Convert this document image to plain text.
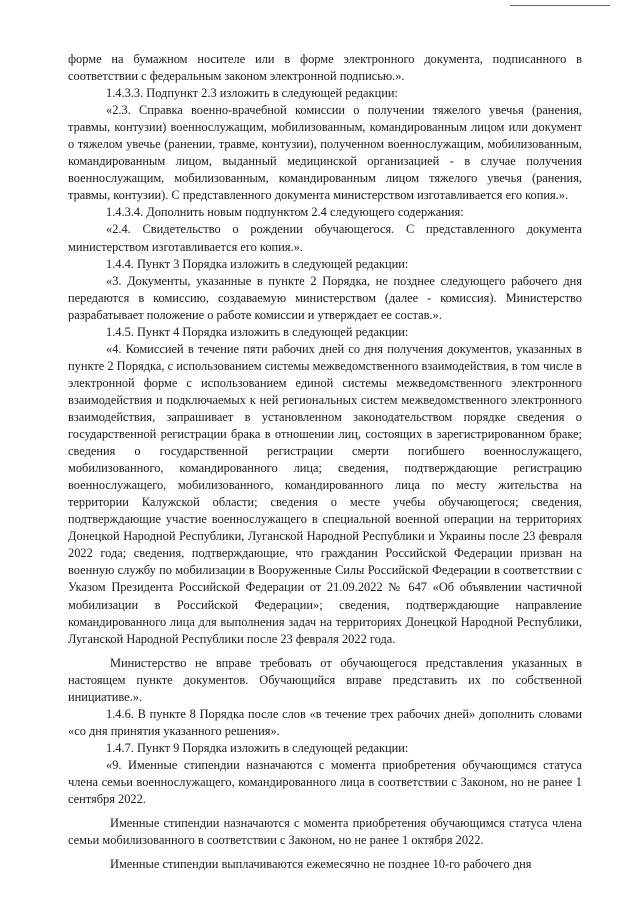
форме на бумажном носителе или в форме электронного документа, подписанного в соответствии с федеральным законом электронной подписью.».

1.4.3.3. Подпункт 2.3 изложить в следующей редакции:

«2.3. Справка военно-врачебной комиссии о получении тяжелого увечья (ранения, травмы, контузии) военнослужащим, мобилизованным, командированным лицом или документ о тяжелом увечье (ранении, травме, контузии), полученном военнослужащим, мобилизованным, командированным лицом, выданный медицинской организацией - в случае получения военнослужащим, мобилизованным, командированным лицом тяжелого увечья (ранения, травмы, контузии). С представленного документа министерством изготавливается его копия.».

1.4.3.4. Дополнить новым подпунктом 2.4 следующего содержания:

«2.4. Свидетельство о рождении обучающегося. С представленного документа министерством изготавливается его копия.».

1.4.4. Пункт 3 Порядка изложить в следующей редакции:

«3. Документы, указанные в пункте 2 Порядка, не позднее следующего рабочего дня передаются в комиссию, создаваемую министерством (далее - комиссия). Министерство разрабатывает положение о работе комиссии и утверждает ее состав.».

1.4.5. Пункт 4 Порядка изложить в следующей редакции:

«4. Комиссией в течение пяти рабочих дней со дня получения документов, указанных в пункте 2 Порядка, с использованием системы межведомственного взаимодействия, в том числе в электронной форме с использованием единой системы межведомственного электронного взаимодействия и подключаемых к ней региональных систем межведомственного электронного взаимодействия, запрашивает в установленном законодательством порядке сведения о государственной регистрации брака в отношении лиц, состоящих в зарегистрированном браке; сведения о государственной регистрации смерти погибшего военнослужащего, мобилизованного, командированного лица; сведения, подтверждающие регистрацию военнослужащего, мобилизованного, командированного лица по месту жительства на территории Калужской области; сведения о месте учебы обучающегося; сведения, подтверждающие участие военнослужащего в специальной военной операции на территориях Донецкой Народной Республики, Луганской Народной Республики и Украины после 23 февраля 2022 года; сведения, подтверждающие, что гражданин Российской Федерации призван на военную службу по мобилизации в Вооруженные Силы Российской Федерации в соответствии с Указом Президента Российской Федерации от 21.09.2022 № 647 «Об объявлении частичной мобилизации в Российской Федерации»; сведения, подтверждающие направление командированного лица для выполнения задач на территориях Донецкой Народной Республики, Луганской Народной Республики после 23 февраля 2022 года.

Министерство не вправе требовать от обучающегося представления указанных в настоящем пункте документов. Обучающийся вправе представить их по собственной инициативе.».

1.4.6. В пункте 8 Порядка после слов «в течение трех рабочих дней» дополнить словами «со дня принятия указанного решения».

1.4.7. Пункт 9 Порядка изложить в следующей редакции:

«9. Именные стипендии назначаются с момента приобретения обучающимся статуса члена семьи военнослужащего, командированного лица в соответствии с Законом, но не ранее 1 сентября 2022.

Именные стипендии назначаются с момента приобретения обучающимся статуса члена семьи мобилизованного в соответствии с Законом, но не ранее 1 октября 2022.

Именные стипендии выплачиваются ежемесячно не позднее 10-го рабочего дня
